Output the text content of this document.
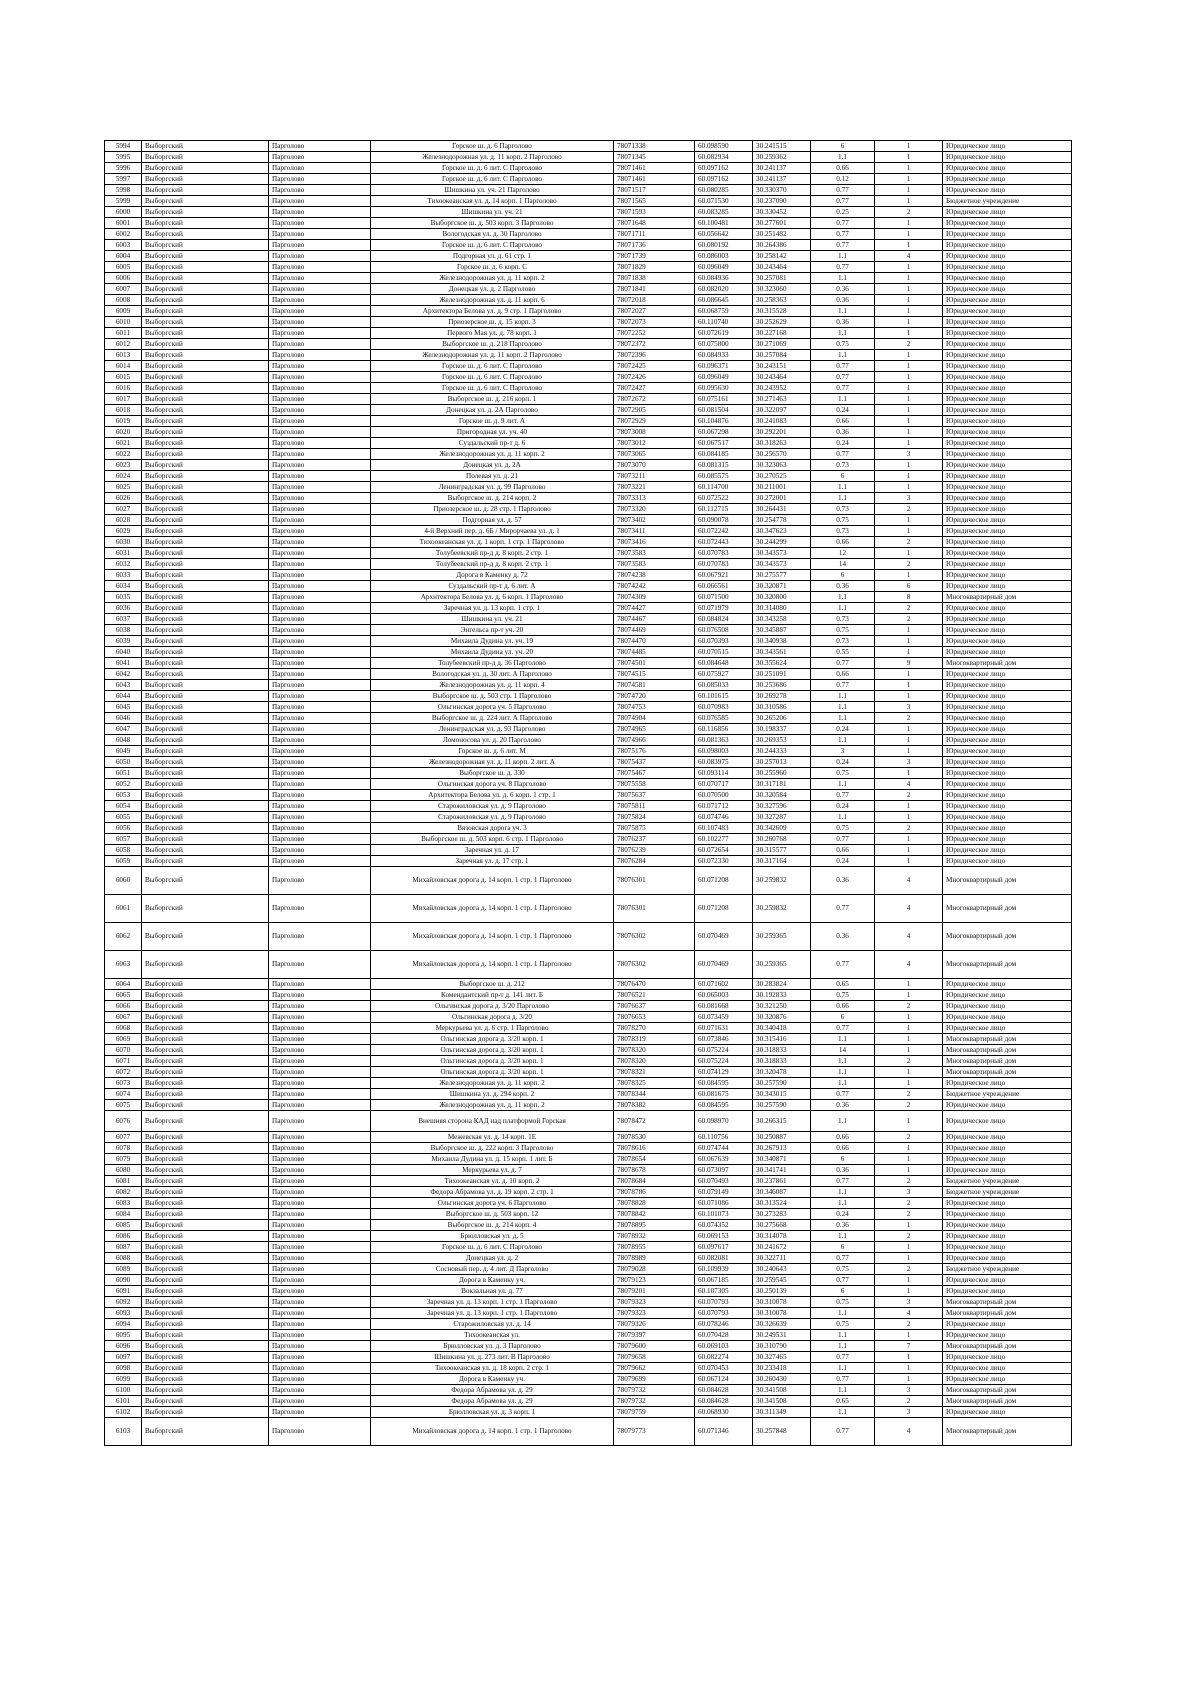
5994	Выборгский	Парголово	Горское ш. д. 6 Парголово	78071338	60.098590	30.241515	6	1	Юридическое лицо
5995	Выборгский	Парголово	Железнодорожная ул. д. 11 корп. 2 Парголово	78071345	60.082934	30.259362	1.1	1	Юридическое лицо
5996	Выборгский	Парголово	Горское ш. д. 6 лит. С Парголово	78071461	60.097162	30.241137	0.66	1	Юридическое лицо
5997	Выборгский	Парголово	Горское ш. д. 6 лит. С Парголово	78071461	60.097162	30.241137	0.12	1	Юридическое лицо
5998	Выборгский	Парголово	Шишкина ул. уч. 21 Парголово	78071517	60.080285	30.330370	0.77	1	Юридическое лицо
5999	Выборгский	Парголово	Тихоокеанская ул. д. 14 корп. 1 Парголово	78071565	60.071530	30.237090	0.77	1	Бюджетное учреждение
6000	Выборгский	Парголово	Шишкина ул. уч. 21	78071593	60.083285	30.330452	0.25	2	Юридическое лицо
6001	Выборгский	Парголово	Выборгское ш. д. 503 корп. 3 Парголово	78071648	60.100481	30.277601	0.77	1	Юридическое лицо
6002	Выборгский	Парголово	Вологодская ул. д. 30 Парголово	78071711	60.056642	30.251482	0.77	1	Юридическое лицо
6003	Выборгский	Парголово	Горское ш. д. 6 лит. С Парголово	78071736	60.080192	30.264386	0.77	1	Юридическое лицо
6004	Выборгский	Парголово	Подгорная ул. д. 61 стр. 1	78071739	60.086003	30.258142	1.1	4	Юридическое лицо
6005	Выборгский	Парголово	Горское ш. д. 6 корп. С	78071829	60.096049	30.243464	0.77	1	Юридическое лицо
6006	Выборгский	Парголово	Железнодорожная ул. д. 11 корп. 2	78071838	60.084936	30.257081	1.1	1	Юридическое лицо
6007	Выборгский	Парголово	Донецкая ул. д. 2 Парголово	78071841	60.082020	30.323060	0.36	1	Юридическое лицо
6008	Выборгский	Парголово	Железнодорожная ул. д. 11 корп. 6	78072018	60.086645	30.258363	0.36	1	Юридическое лицо
6009	Выборгский	Парголово	Архитектора Белова ул. д. 9 стр. 1 Парголово	78072027	60.068759	30.315528	1.1	1	Юридическое лицо
6010	Выборгский	Парголово	Приозерское ш. д. 15 корп. 3	78072073	60.110740	30.252629	0.36	1	Юридическое лицо
6011	Выборгский	Парголово	Первого Мая ул. д. 78 корп. 1	78072252	60.072619	30.227168	1.1	1	Юридическое лицо
6012	Выборгский	Парголово	Выборгское ш. д. 218 Парголово	78072372	60.075800	30.271069	0.75	2	Юридическое лицо
6013	Выборгский	Парголово	Железнодорожная ул. д. 11 корп. 2 Парголово	78072396	60.084933	30.257084	1.1	1	Юридическое лицо
6014	Выборгский	Парголово	Горское ш. д. 6 лит. С Парголово	78072425	60.096371	30.243151	0.77	1	Юридическое лицо
6015	Выборгский	Парголово	Горское ш. д. 6 лит. С Парголово	78072426	60.096049	30.243464	0.77	1	Юридическое лицо
6016	Выборгский	Парголово	Горское ш. д. 6 лит. С Парголово	78072427	60.095630	30.243952	0.77	1	Юридическое лицо
6017	Выборгский	Парголово	Выборгское ш. д. 216 корп. 1	78072672	60.075161	30.271463	1.1	1	Юридическое лицо
6018	Выборгский	Парголово	Донецкая ул. д. 2А Парголово	78072905	60.081504	30.322097	0.24	1	Юридическое лицо
6019	Выборгский	Парголово	Горское ш. д. 9 лит. А	78072929	60.104876	30.241083	0.66	1	Юридическое лицо
6020	Выборгский	Парголово	Пригородная ул. уч. 40	78073008	60.067298	30.292201	0.36	1	Юридическое лицо
6021	Выборгский	Парголово	Суздальский пр-т д. 6	78073012	60.067517	30.318263	0.24	1	Юридическое лицо
6022	Выборгский	Парголово	Железнодорожная ул. д. 11 корп. 2	78073065	60.084185	30.256570	0.77	3	Юридическое лицо
6023	Выборгский	Парголово	Донецкая ул. д. 2А	78073070	60.081315	30.323063	0.73	1	Юридическое лицо
6024	Выборгский	Парголово	Полевая ул. д. 21	78073211	60.085575	30.270525	6	1	Юридическое лицо
6025	Выборгский	Парголово	Ленинградская ул. д. 99 Парголово	78073221	60.114700	30.211001	1.1	1	Юридическое лицо
6026	Выборгский	Парголово	Выборгское ш. д. 214 корп. 2	78073313	60.072522	30.272001	1.1	3	Юридическое лицо
6027	Выборгский	Парголово	Приозерское ш. д. 28 стр. 1 Парголово	78073320	60.112715	30.264431	0.73	2	Юридическое лицо
6028	Выборгский	Парголово	Подгорная ул. д. 57	78073402	60.090078	30.254778	0.75	1	Юридическое лицо
6029	Выборгский	Парголово	4-й Верхний пер. д. 6Б / Мирорчаева ул. д. 1	78073411	60.072242	30.347623	0.73	1	Юридическое лицо
6030	Выборгский	Парголово	Тихоокеанская ул. д. 1 корп. 1 стр. 1 Парголово	78073416	60.072443	30.244299	0.66	2	Юридическое лицо
6031	Выборгский	Парголово	Толубеевский пр-д д. 8 корп. 2 стр. 1	78073583	60.070783	30.343573	12	1	Юридическое лицо
6032	Выборгский	Парголово	Толубеевский пр-д д. 8 корп. 2 стр. 1	78073583	60.070783	30.343573	14	2	Юридическое лицо
6033	Выборгский	Парголово	Дорога в Каменку д. 72	78074238	60.067921	30.275577	6	1	Юридическое лицо
6034	Выборгский	Парголово	Суздальский пр-т д. 6 лит. А	78074242	60.066561	30.320871	0.36	6	Юридическое лицо
6035	Выборгский	Парголово	Архитектора Белова ул. д. 6 корп. 1 Парголово	78074309	60.071500	30.320800	1.1	8	Многоквартирный дом
6036	Выборгский	Парголово	Заречная ул. д. 13 корп. 1 стр. 1	78074427	60.071979	30.314080	1.1	2	Юридическое лицо
6037	Выборгский	Парголово	Шишкина ул. уч. 21	78074467	60.084824	30.343258	0.73	2	Юридическое лицо
6038	Выборгский	Парголово	Энгельса пр-т уч. 20	78074469	60.076508	30.345887	0.75	1	Юридическое лицо
6039	Выборгский	Парголово	Михаила Дудина ул. уч. 19	78074470	60.070393	30.340938	0.73	1	Юридическое лицо
6040	Выборгский	Парголово	Михаила Дудина ул. уч. 20	78074485	60.070515	30.343561	0.55	1	Юридическое лицо
6041	Выборгский	Парголово	Толубеевский пр-д д. 36 Парголово	78074501	60.084648	30.355624	0.77	9	Многоквартирный дом
6042	Выборгский	Парголово	Вологодская ул. д. 30 лит. А Парголово	78074515	60.075927	30.251091	0.66	1	Юридическое лицо
6043	Выборгский	Парголово	Железнодорожная ул. д. 11 корп. 4	78074581	60.085033	30.253686	0.77	1	Юридическое лицо
6044	Выборгский	Парголово	Выборгское ш. д. 503 стр. 1 Парголово	78074720	60.101615	30.269278	1.1	1	Юридическое лицо
6045	Выборгский	Парголово	Ольгинская дорога уч. 5 Парголово	78074753	60.070983	30.310586	1.1	3	Юридическое лицо
6046	Выборгский	Парголово	Выборгское ш. д. 224 лит. А Парголово	78074904	60.076585	30.265206	1.1	2	Юридическое лицо
6047	Выборгский	Парголово	Ленинградская ул. д. 93 Парголово	78074965	60.116856	30.198337	0.24	1	Юридическое лицо
6048	Выборгский	Парголово	Ломоносова ул. д. 20 Парголово	78074966	60.081363	30.269353	1.1	1	Юридическое лицо
6049	Выборгский	Парголово	Горское ш. д. 6 лит. М	78075176	60.098003	30.244333	3	1	Юридическое лицо
6050	Выборгский	Парголово	Железнодорожная ул. д. 11 корп. 2 лит. А	78075437	60.083975	30.257013	0.24	3	Юридическое лицо
6051	Выборгский	Парголово	Выборгское ш. д. 330	78075467	60.093114	30.255960	0.75	1	Юридическое лицо
6052	Выборгский	Парголово	Ольгинская дорога уч. 8 Парголово	78075558	60.070717	30.317181	1.1	4	Юридическое лицо
6053	Выборгский	Парголово	Архитектора Белова ул. д. 6 корп. 1 стр. 1	78075637	60.070500	30.320584	0.77	2	Юридическое лицо
6054	Выборгский	Парголово	Старожиловская ул. д. 9 Парголово	78075811	60.071712	30.327596	0.24	1	Юридическое лицо
6055	Выборгский	Парголово	Старожиловская ул. д. 9 Парголово	78075824	60.074746	30.327287	1.1	1	Юридическое лицо
6056	Выборгский	Парголово	Вязовская дорога уч. 3	78075875	60.107483	30.342609	0.75	2	Юридическое лицо
6057	Выборгский	Парголово	Выборгское ш. д. 503 корп. 6 стр. 1 Парголово	78076237	60.102277	30.260768	0.77	1	Юридическое лицо
6058	Выборгский	Парголово	Заречная ул. д. 17	78076239	60.072654	30.315577	0.66	1	Юридическое лицо
6059	Выборгский	Парголово	Заречная ул. д. 17 стр. 1	78076284	60.072330	30.317164	0.24	1	Юридическое лицо
6060	Выборгский	Парголово	Михайловская дорога д. 14 корп. 1 стр. 1 Парголово	78076301	60.071208	30.259832	0.36	4	Многоквартирный дом
6061	Выборгский	Парголово	Михайловская дорога д. 14 корп. 1 стр. 1 Парголово	78076301	60.071208	30.259832	0.77	4	Многоквартирный дом
6062	Выборгский	Парголово	Михайловская дорога д. 14 корп. 1 стр. 1 Парголово	78076302	60.070469	30.259365	0.36	4	Многоквартирный дом
6063	Выборгский	Парголово	Михайловская дорога д. 14 корп. 1 стр. 1 Парголово	78076302	60.070469	30.259365	0.77	4	Многоквартирный дом
6064	Выборгский	Парголово	Выборгское ш. д. 212	78076470	60.071602	30.283824	0.65	1	Юридическое лицо
6065	Выборгский	Парголово	Комендантский пр-т д. 141 лит. Б	78076521	60.065003	30.192833	0.75	1	Юридическое лицо
6066	Выборгский	Парголово	Ольгинская дорога д. 3/20 Парголово	78076637	60.081668	30.321250	0.66	2	Юридическое лицо
6067	Выборгский	Парголово	Ольгинская дорога д. 3/20	78076653	60.073459	30.320876	6	1	Юридическое лицо
6068	Выборгский	Парголово	Меркурьева ул. д. 6 стр. 1 Парголово	78078270	60.071631	30.340418	0.77	1	Юридическое лицо
6069	Выборгский	Парголово	Ольгинская дорога д. 3/20 корп. 1	78078319	60.073846	30.315416	1.1	1	Многоквартирный дом
6070	Выборгский	Парголово	Ольгинская дорога д. 3/20 корп. 1	78078320	60.075224	30.318833	14	1	Многоквартирный дом
6071	Выборгский	Парголово	Ольгинская дорога д. 3/20 корп. 1	78078320	60.075224	30.318833	1.1	2	Многоквартирный дом
6072	Выборгский	Парголово	Ольгинская дорога д. 3/20 корп. 1	78078321	60.074129	30.320478	1.1	1	Многоквартирный дом
6073	Выборгский	Парголово	Железнодорожная ул. д. 11 корп. 2	78078325	60.084595	30.257590	1.1	1	Юридическое лицо
6074	Выборгский	Парголово	Шишкина ул. д. 294 корп. 2	78078344	60.081675	30.343015	0.77	2	Бюджетное учреждение
6075	Выборгский	Парголово	Железнодорожная ул. д. 11 корп. 2	78078382	60.084595	30.257590	0.36	2	Юридическое лицо
6076	Выборгский	Парголово	Внешняя сторона КАД над платформой Горская	78078472	60.098970	30.266315	1.1	1	Юридическое лицо
6077	Выборгский	Парголово	Межевская ул. д. 14 корп. 1Е	78078530	60.110756	30.250887	0.66	2	Юридическое лицо
6078	Выборгский	Парголово	Выборгское ш. д. 222 корп. 3 Парголово	78078616	60.074744	30.267913	0.66	1	Юридическое лицо
6079	Выборгский	Парголово	Михаила Дудина ул. д. 15 корп. 1 лит. Б	78078654	60.067639	30.340871	6	1	Юридическое лицо
6080	Выборгский	Парголово	Меркурьева ул. д. 7	78078678	60.073097	30.341741	0.36	1	Юридическое лицо
6081	Выборгский	Парголово	Тихоокеанская ул. д. 10 корп. 2	78078684	60.070493	30.237861	0.77	2	Бюджетное учреждение
6082	Выборгский	Парголово	Федора Абрамова ул. д. 19 корп. 2 стр. 1	78078786	60.079149	30.346087	1.1	3	Бюджетное учреждение
6083	Выборгский	Парголово	Ольгинская дорога уч. 6 Парголово	78078828	60.071086	30.313524	1.1	2	Юридическое лицо
6084	Выборгский	Парголово	Выборгское ш. д. 503 корп. 12	78078842	60.101073	30.273283	0.24	2	Юридическое лицо
6085	Выборгский	Парголово	Выборгское ш. д. 214 корп. 4	78078895	60.074352	30.275668	0.36	1	Юридическое лицо
6086	Выборгский	Парголово	Брюлловская ул. д. 5	78078932	60.069153	30.314078	1.1	2	Юридическое лицо
6087	Выборгский	Парголово	Горское ш. д. 6 лит. С Парголово	78078955	60.097617	30.241672	6	1	Юридическое лицо
6088	Выборгский	Парголово	Донецкая ул. д. 2	78078989	60.082081	30.322711	0.77	1	Юридическое лицо
6089	Выборгский	Парголово	Сосновый пер. д. 4 лит. Д Парголово	78079028	60.109939	30.240643	0.75	2	Бюджетное учреждение
6090	Выборгский	Парголово	Дорога в Каменку уч.	78079123	60.067185	30.259545	0.77	1	Юридическое лицо
6091	Выборгский	Парголово	Вокзальная ул. д. 77	78079201	60.107305	30.250139	6	1	Юридическое лицо
6092	Выборгский	Парголово	Заречная ул. д. 13 корп. 1 стр. 1 Парголово	78079323	60.070793	30.310078	0.75	3	Многоквартирный дом
6093	Выборгский	Парголово	Заречная ул. д. 13 корп. 1 стр. 1 Парголово	78079323	60.070793	30.310078	1.1	4	Многоквартирный дом
6094	Выборгский	Парголово	Старожиловская ул. д. 14	78079326	60.078246	30.326639	0.75	2	Юридическое лицо
6095	Выборгский	Парголово	Тихоокеанская ул.	78079397	60.070428	30.249531	1.1	1	Юридическое лицо
6096	Выборгский	Парголово	Брюлловская ул. д. 3 Парголово	78079600	60.069103	30.310790	1.1	7	Многоквартирный дом
6097	Выборгский	Парголово	Шишкина ул. д. 273 лит. В Парголово	78079658	60.082274	30.327465	0.77	1	Юридическое лицо
6098	Выборгский	Парголово	Тихоокеанская ул. д. 18 корп. 2 стр. 1	78079662	60.070453	30.233418	1.1	1	Юридическое лицо
6099	Выборгский	Парголово	Дорога в Каменку уч.	78079699	60.067124	30.260430	0.77	1	Юридическое лицо
6100	Выборгский	Парголово	Федора Абрамова ул. д. 29	78079732	60.084628	30.341508	1.1	3	Многоквартирный дом
6101	Выборгский	Парголово	Федора Абрамова ул. д. 29	78079732	60.084628	30.341508	0.65	2	Многоквартирный дом
6102	Выборгский	Парголово	Брюлловская ул. д. 3 корп. 1	78079759	60.068930	30.311349	1.1	3	Юридическое лицо
6103	Выборгский	Парголово	Михайловская дорога д. 14 корп. 1 стр. 1 Парголово	78079773	60.071346	30.257848	0.77	4	Многоквартирный дом
